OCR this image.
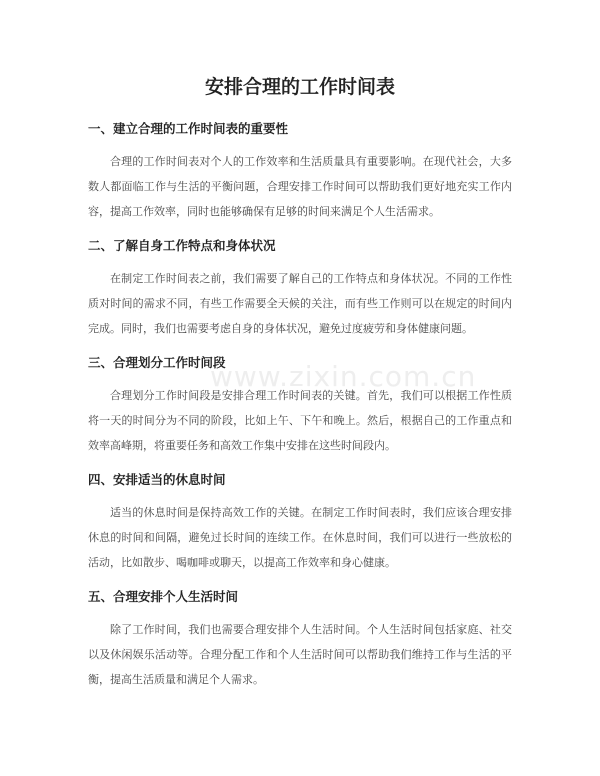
安排合理的工作时间表
一、建立合理的工作时间表的重要性

合理的工作时间表对个人的工作效率和生活质量具有重要影响。在现代社会，大多数人都面临工作与生活的平衡问题，合理安排工作时间可以帮助我们更好地充实工作内容，提高工作效率，同时也能够确保有足够的时间来满足个人生活需求。

二、了解自身工作特点和身体状况

在制定工作时间表之前，我们需要了解自己的工作特点和身体状况。不同的工作性质对时间的需求不同，有些工作需要全天候的关注，而有些工作则可以在规定的时间内完成。同时，我们也需要考虑自身的身体状况，避免过度疲劳和身体健康问题。

三、合理划分工作时间段

合理划分工作时间段是安排合理工作时间表的关键。首先，我们可以根据工作性质将一天的时间分为不同的阶段，比如上午、下午和晚上。然后，根据自己的工作重点和效率高峰期，将重要任务和高效工作集中安排在这些时间段内。

四、安排适当的休息时间

适当的休息时间是保持高效工作的关键。在制定工作时间表时，我们应该合理安排休息的时间和间隔，避免过长时间的连续工作。在休息时间，我们可以进行一些放松的活动，比如散步、喝咖啡或聊天，以提高工作效率和身心健康。

五、合理安排个人生活时间

除了工作时间，我们也需要合理安排个人生活时间。个人生活时间包括家庭、社交以及休闲娱乐活动等。合理分配工作和个人生活时间可以帮助我们维持工作与生活的平衡，提高生活质量和满足个人需求。

www.zixin.com.cn
